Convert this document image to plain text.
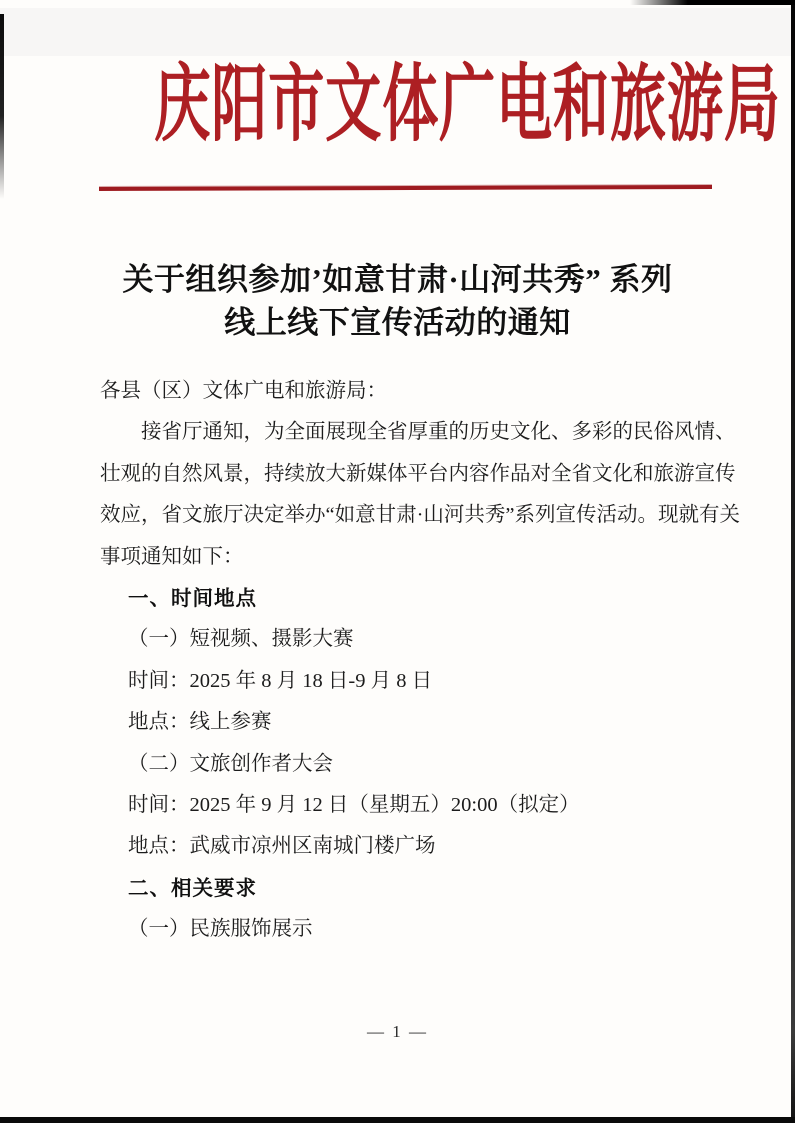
庆阳市文体广电和旅游局
关于组织参加’如意甘肃·山河共秀” 系列
线上线下宣传活动的通知
各县（区）文体广电和旅游局：
接省厅通知，为全面展现全省厚重的历史文化、多彩的民俗风情、
壮观的自然风景，持续放大新媒体平台内容作品对全省文化和旅游宣传
效应，省文旅厅决定举办“如意甘肃·山河共秀”系列宣传活动。现就有关
事项通知如下：
一、时间地点
（一）短视频、摄影大赛
时间：2025 年 8 月 18 日-9 月 8 日
地点：线上参赛
（二）文旅创作者大会
时间：2025 年 9 月 12 日（星期五）20:00（拟定）
地点：武威市凉州区南城门楼广场
二、相关要求
（一）民族服饰展示
— 1 —
